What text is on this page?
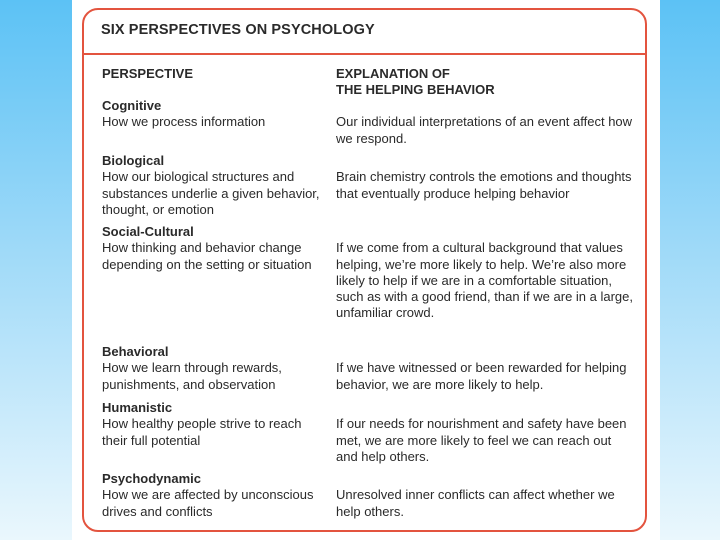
SIX PERSPECTIVES ON PSYCHOLOGY
PERSPECTIVE	EXPLANATION OF
THE HELPING BEHAVIOR
Cognitive
How we process information	Our individual interpretations of an event affect how we respond.
Biological
How our biological structures and substances underlie a given behavior, thought, or emotion
Brain chemistry controls the emotions and thoughts that eventually produce helping behavior
Social-Cultural
How thinking and behavior change depending on the setting or situation
If we come from a cultural background that values helping, we’re more likely to help. We’re also more likely to help if we are in a comfortable situation, such as with a good friend, than if we are in a large, unfamiliar crowd.
Behavioral
How we learn through rewards, punishments, and observation
If we have witnessed or been rewarded for helping behavior, we are more likely to help.
Humanistic
How healthy people strive to reach their full potential
If our needs for nourishment and safety have been met, we are more likely to feel we can reach out and help others.
Psychodynamic
How we are affected by unconscious drives and conflicts
Unresolved inner conflicts can affect whether we help others.
